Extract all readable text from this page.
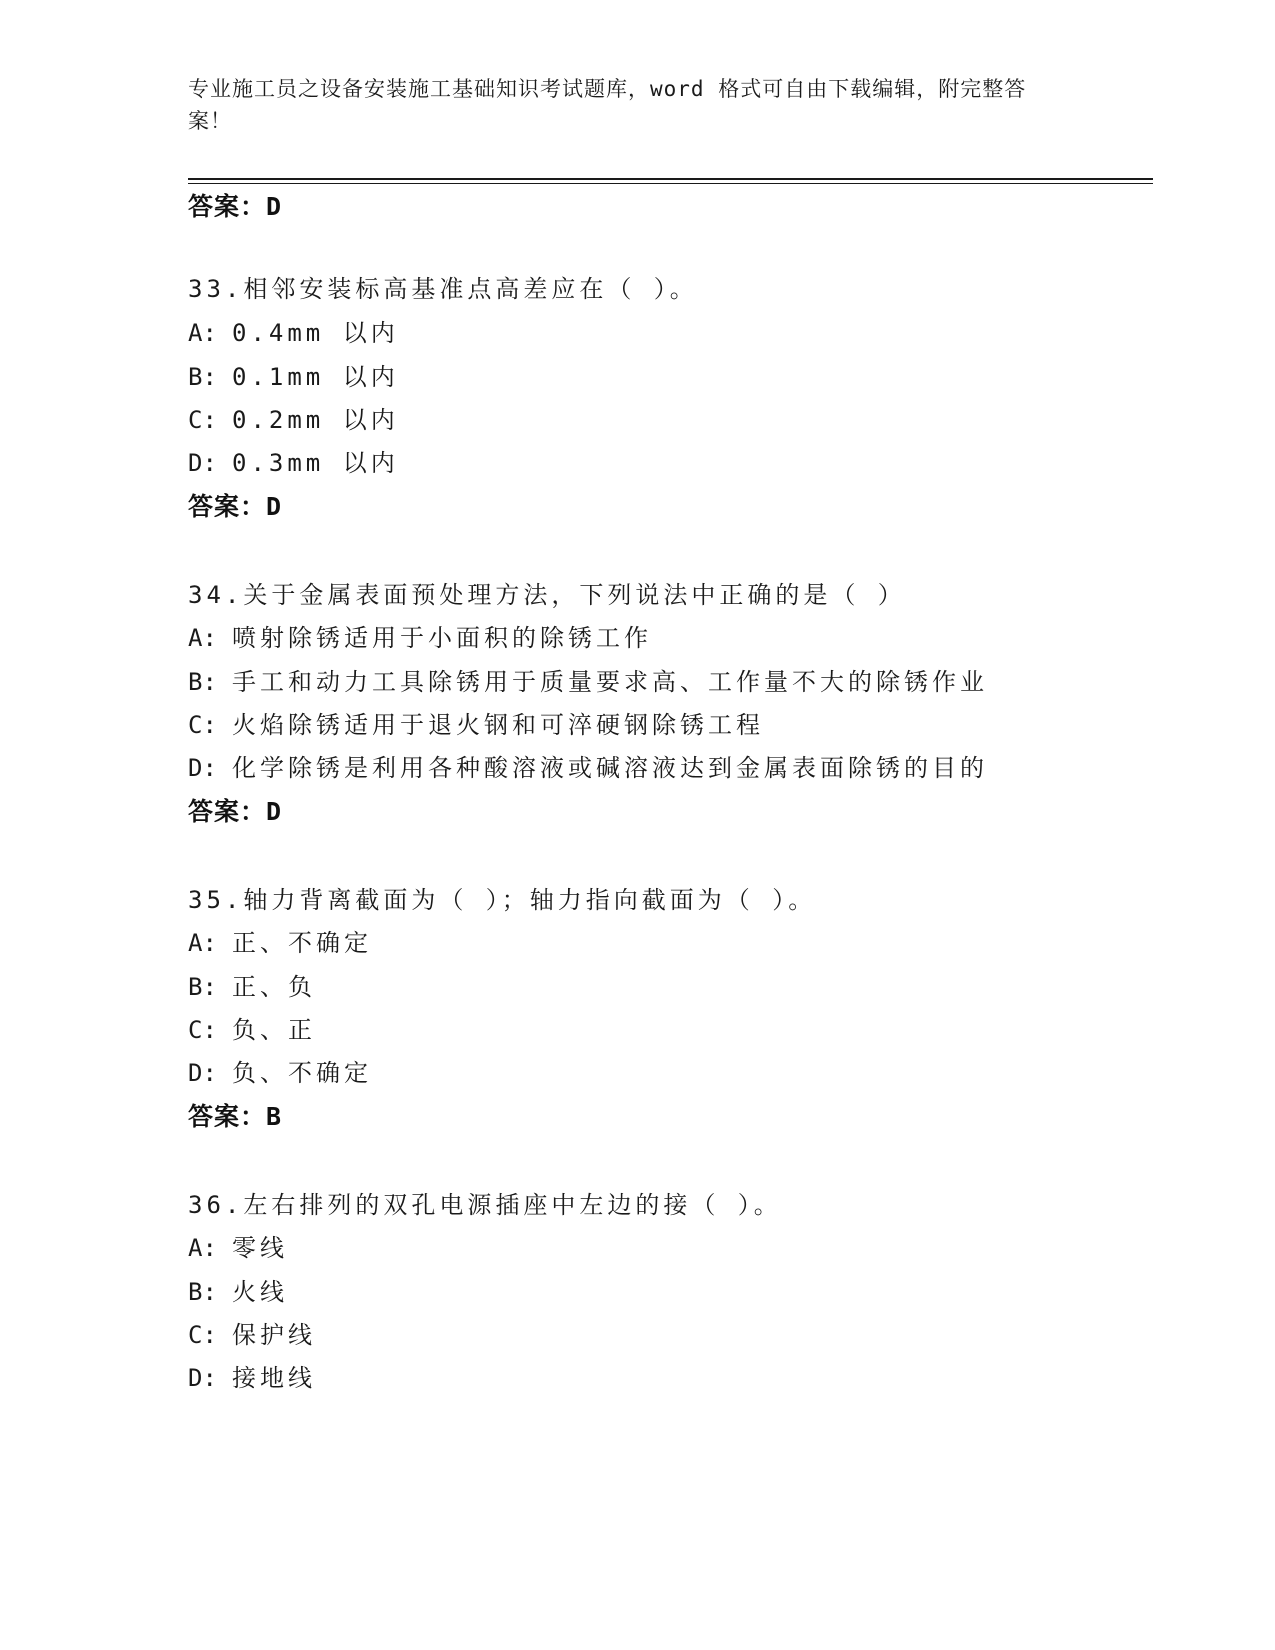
专业施工员之设备安装施工基础知识考试题库，word 格式可自由下载编辑，附完整答案！
答案：D
33.相邻安装标高基准点高差应在（ ）。
A: 0.4mm 以内
B: 0.1mm 以内
C: 0.2mm 以内
D: 0.3mm 以内
答案：D
34.关于金属表面预处理方法，下列说法中正确的是（ ）
A: 喷射除锈适用于小面积的除锈工作
B: 手工和动力工具除锈用于质量要求高、工作量不大的除锈作业
C: 火焰除锈适用于退火钢和可淬硬钢除锈工程
D: 化学除锈是利用各种酸溶液或碱溶液达到金属表面除锈的目的
答案：D
35.轴力背离截面为（ ）；轴力指向截面为（ ）。
A: 正、不确定
B: 正、负
C: 负、正
D: 负、不确定
答案：B
36.左右排列的双孔电源插座中左边的接（ ）。
A: 零线
B: 火线
C: 保护线
D: 接地线
